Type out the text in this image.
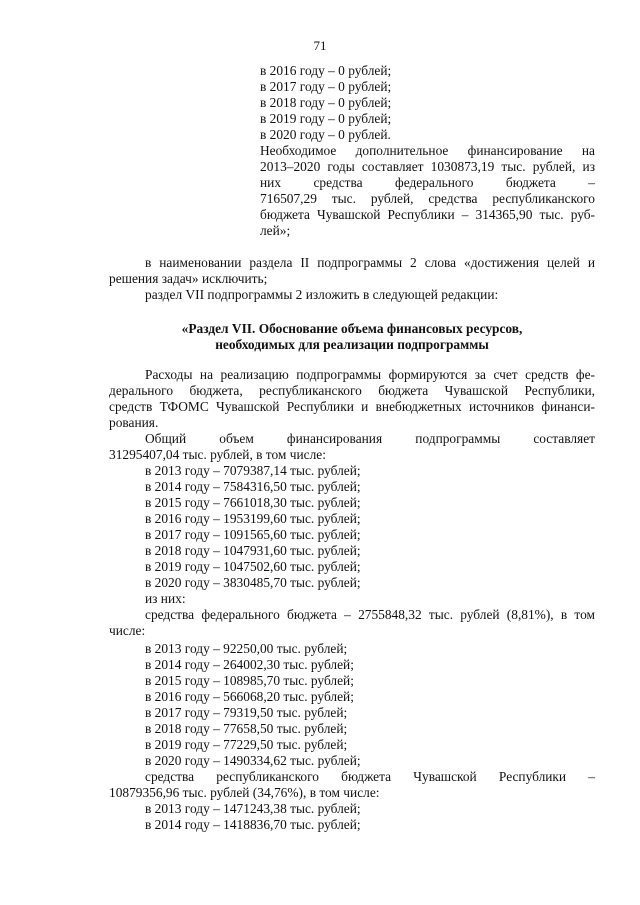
71
в 2016 году – 0 рублей;
в 2017 году – 0 рублей;
в 2018 году – 0 рублей;
в 2019 году – 0 рублей;
в 2020 году – 0 рублей.
Необходимое дополнительное финансирование на
2013–2020 годы составляет 1030873,19 тыс. рублей, из
них средства федерального бюджета –
716507,29 тыс. рублей, средства республиканского
бюджета Чувашской Республики – 314365,90 тыс. руб-
лей»;
в наименовании раздела II подпрограммы 2 слова «достижения целей и
решения задач» исключить;
раздел VII подпрограммы 2 изложить в следующей редакции:
«Раздел VII. Обоснование объема финансовых ресурсов,
необходимых для реализации подпрограммы
Расходы на реализацию подпрограммы формируются за счет средств фе-
дерального бюджета, республиканского бюджета Чувашской Республики,
средств ТФОМС Чувашской Республики и внебюджетных источников финанси-
рования.
Общий объем финансирования подпрограммы составляет
31295407,04 тыс. рублей, в том числе:
в 2013 году – 7079387,14 тыс. рублей;
в 2014 году – 7584316,50 тыс. рублей;
в 2015 году – 7661018,30 тыс. рублей;
в 2016 году – 1953199,60 тыс. рублей;
в 2017 году – 1091565,60 тыс. рублей;
в 2018 году – 1047931,60 тыс. рублей;
в 2019 году – 1047502,60 тыс. рублей;
в 2020 году – 3830485,70 тыс. рублей;
из них:
средства федерального бюджета – 2755848,32 тыс. рублей (8,81%), в том
числе:
в 2013 году – 92250,00 тыс. рублей;
в 2014 году – 264002,30 тыс. рублей;
в 2015 году – 108985,70 тыс. рублей;
в 2016 году – 566068,20 тыс. рублей;
в 2017 году – 79319,50 тыс. рублей;
в 2018 году – 77658,50 тыс. рублей;
в 2019 году – 77229,50 тыс. рублей;
в 2020 году – 1490334,62 тыс. рублей;
средства республиканского бюджета Чувашской Республики –
10879356,96 тыс. рублей (34,76%), в том числе:
в 2013 году – 1471243,38 тыс. рублей;
в 2014 году – 1418836,70 тыс. рублей;
